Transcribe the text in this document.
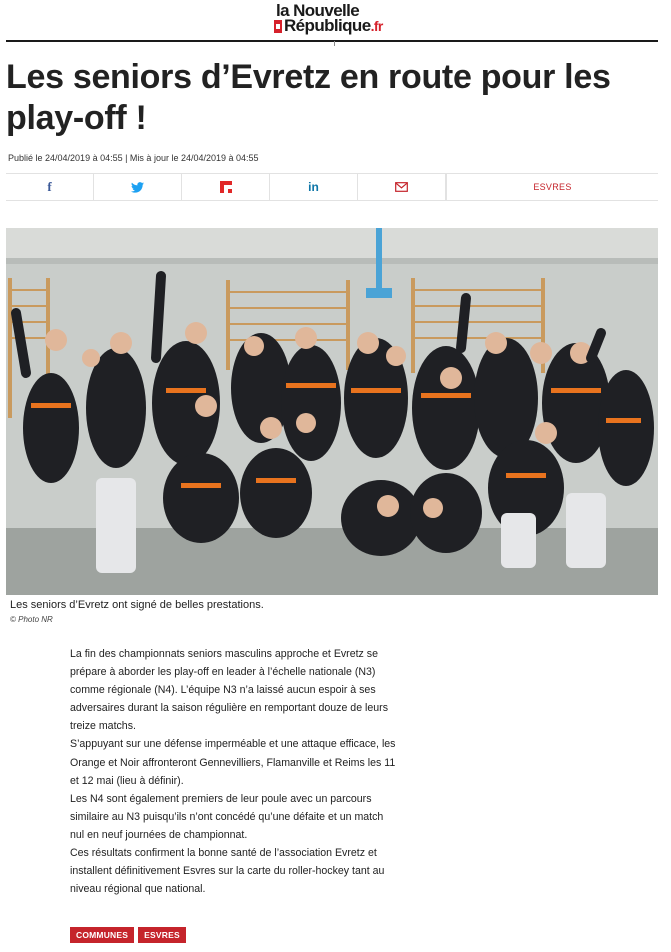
la Nouvelle
République.fr
Les seniors d’Evretz en route pour les play-off !
Publié le 24/04/2019 à 04:55 | Mis à jour le 24/04/2019 à 04:55
f	in	ESVRES
Les seniors d’Evretz ont signé de belles prestations.
© Photo NR

La fin des championnats seniors masculins approche et Evretz se prépare à aborder les play-off en leader à l’échelle nationale (N3) comme régionale (N4). L’équipe N3 n’a laissé aucun espoir à ses adversaires durant la saison régulière en remportant douze de leurs treize matchs.

S’appuyant sur une défense imperméable et une attaque efficace, les Orange et Noir affronteront Gennevilliers, Flamanville et Reims les 11 et 12 mai (lieu à définir).

Les N4 sont également premiers de leur poule avec un parcours similaire au N3 puisqu’ils n’ont concédé qu’une défaite et un match nul en neuf journées de championnat.

Ces résultats confirment la bonne santé de l’association Evretz et installent définitivement Esvres sur la carte du roller-hockey tant au niveau régional que national.

COMMUNES	ESVRES
